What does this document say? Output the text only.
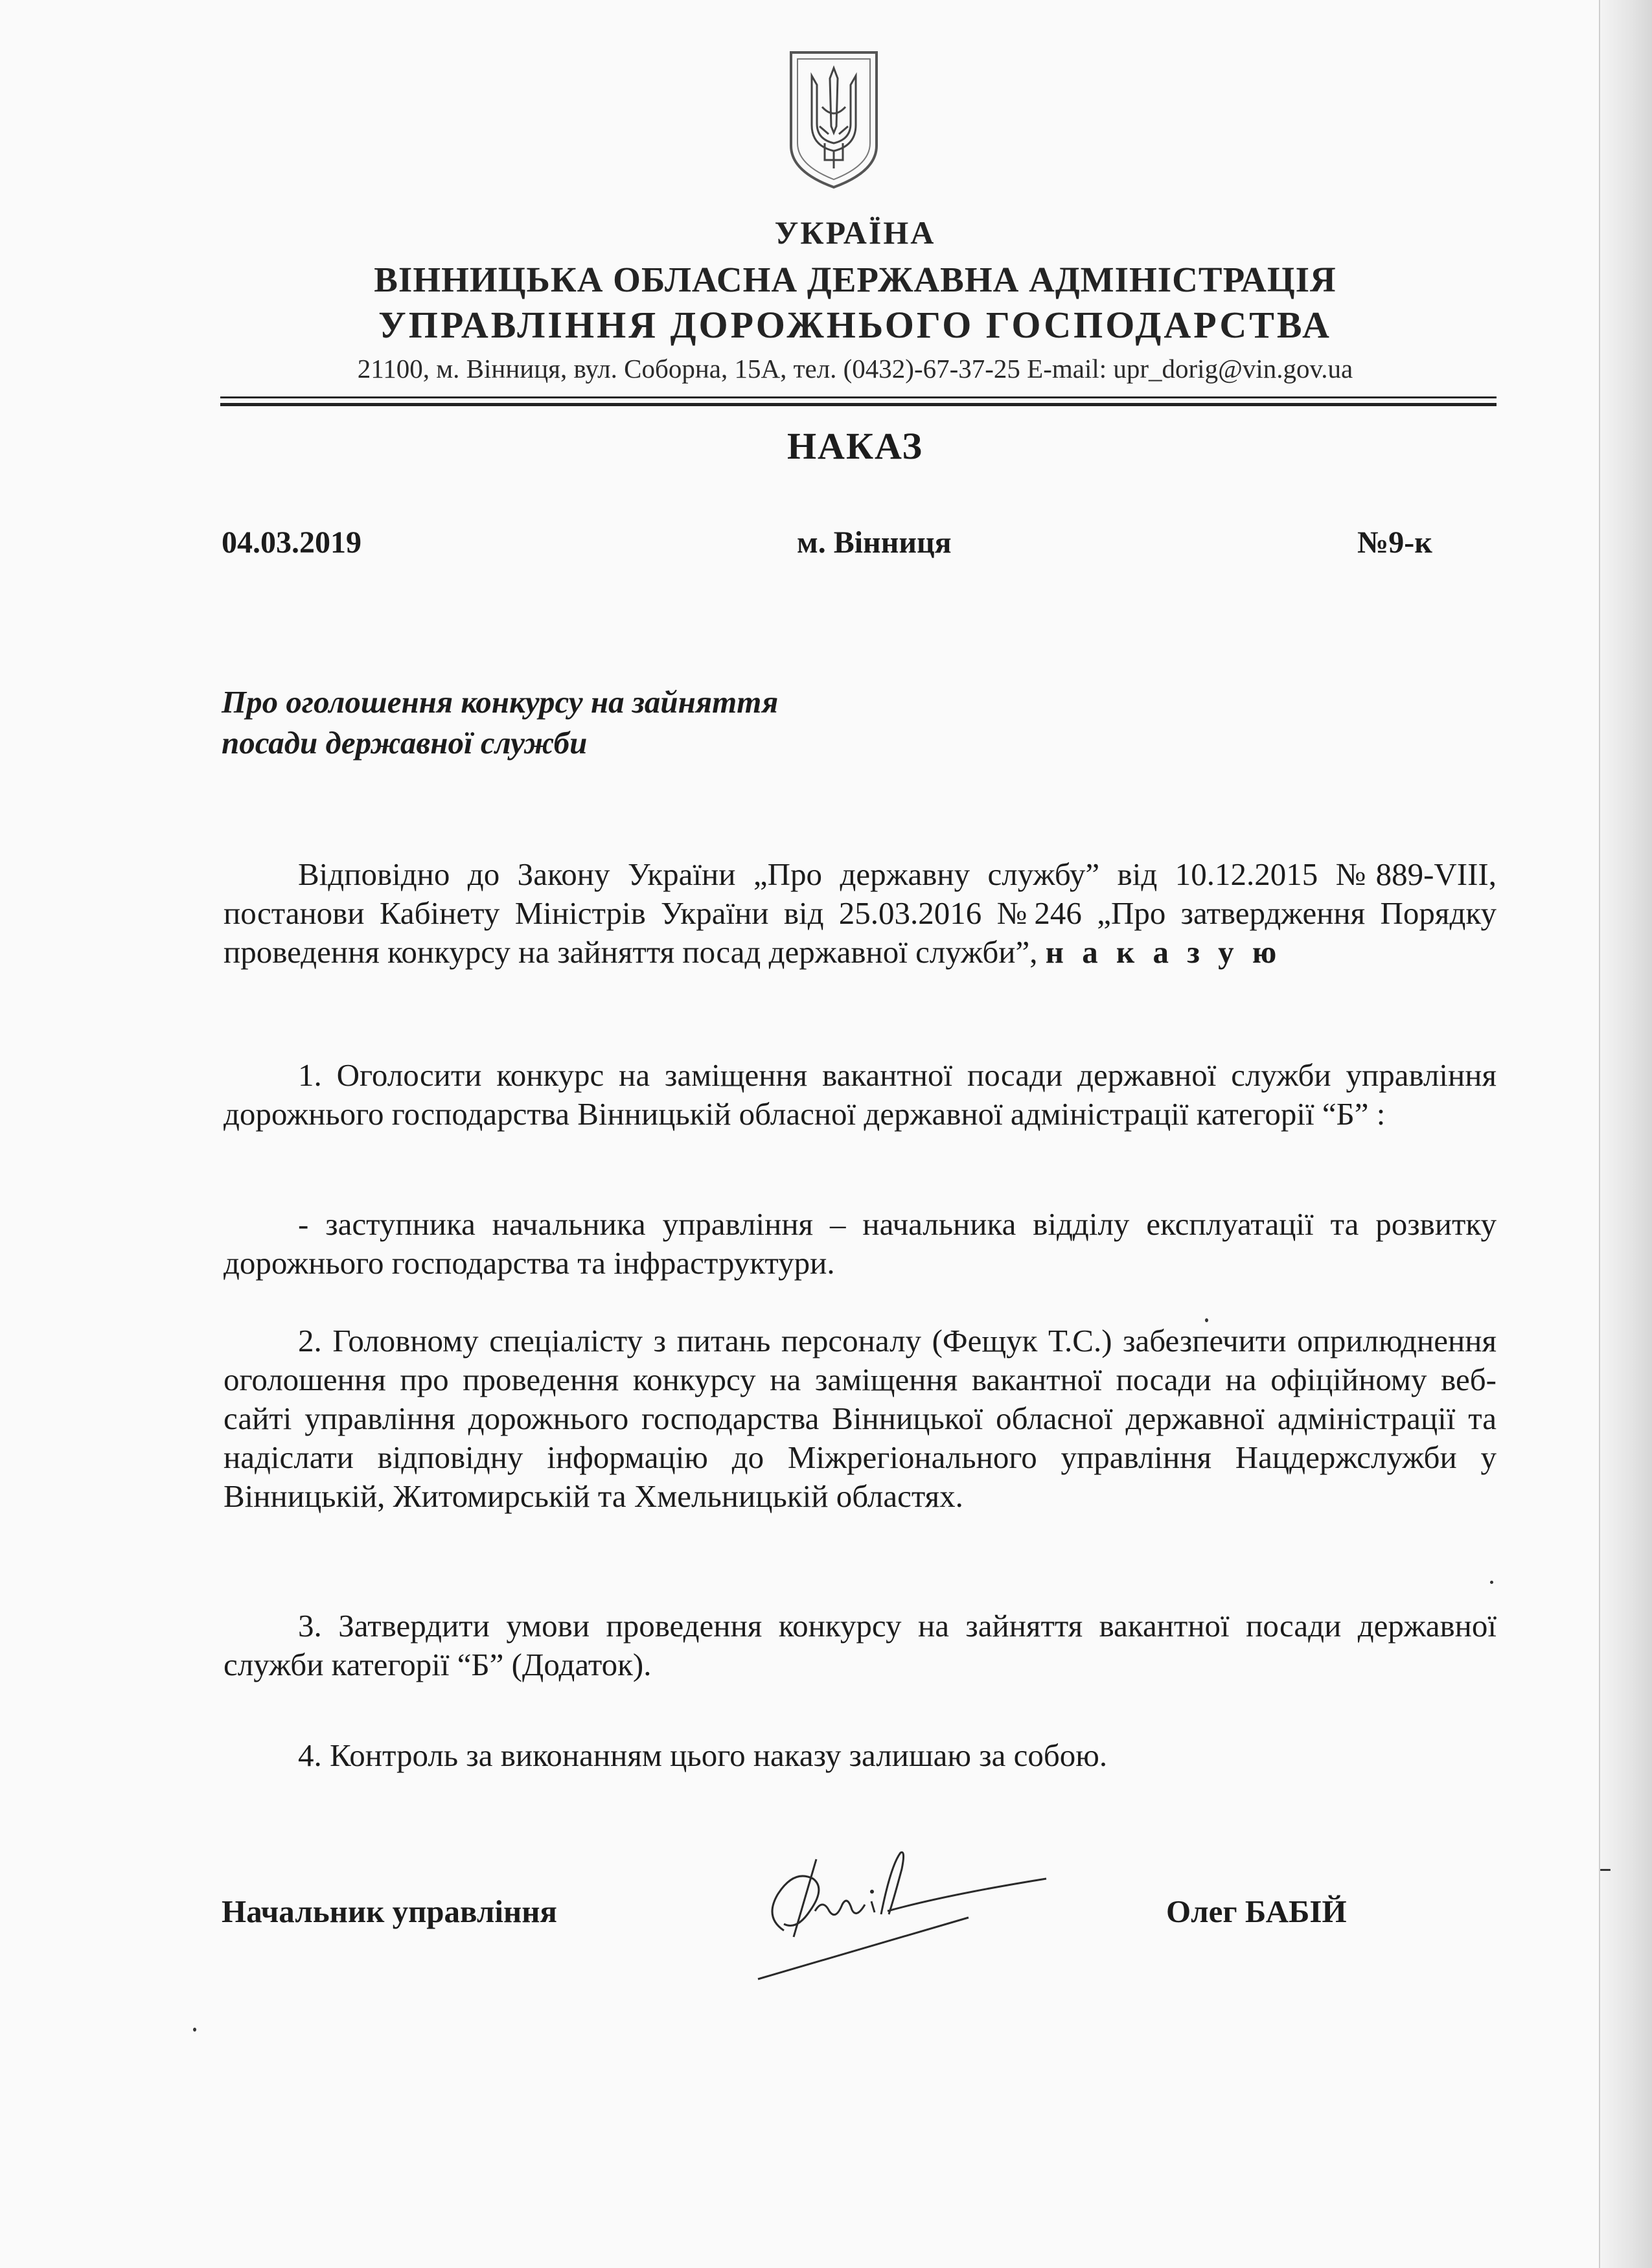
УКРАЇНА

ВІННИЦЬКА ОБЛАСНА ДЕРЖАВНА АДМІНІСТРАЦІЯ

УПРАВЛІННЯ ДОРОЖНЬОГО ГОСПОДАРСТВА

21100, м. Вінниця, вул. Соборна, 15А, тел. (0432)-67-37-25 E-mail: upr_dorig@vin.gov.ua

НАКАЗ

04.03.2019	м. Вінниця	№9-к

Про оголошення конкурсу на зайняття

посади державної служби

Відповідно до Закону України „Про державну службу” від 10.12.2015 №889-VIII, постанови Кабінету Міністрів України від 25.03.2016 №246 „Про затвердження Порядку проведення конкурсу на зайняття посад державної служби”, н а к а з у ю

1. Оголосити конкурс на заміщення вакантної посади державної служби управління дорожнього господарства Вінницькій обласної державної адміністрації категорії “Б” :

- заступника начальника управління – начальника відділу експлуатації та розвитку дорожнього господарства та інфраструктури.

2. Головному спеціалісту з питань персоналу (Фещук Т.С.) забезпечити оприлюднення оголошення про проведення конкурсу на заміщення вакантної посади на офіційному веб-сайті управління дорожнього господарства Вінницької обласної державної адміністрації та надіслати відповідну інформацію до Міжрегіонального управління Нацдержслужби у Вінницькій, Житомирській та Хмельницькій областях.

3. Затвердити умови проведення конкурсу на зайняття вакантної посади державної служби категорії “Б” (Додаток).

4. Контроль за виконанням цього наказу залишаю за собою.

Начальник управління	Олег БАБІЙ
